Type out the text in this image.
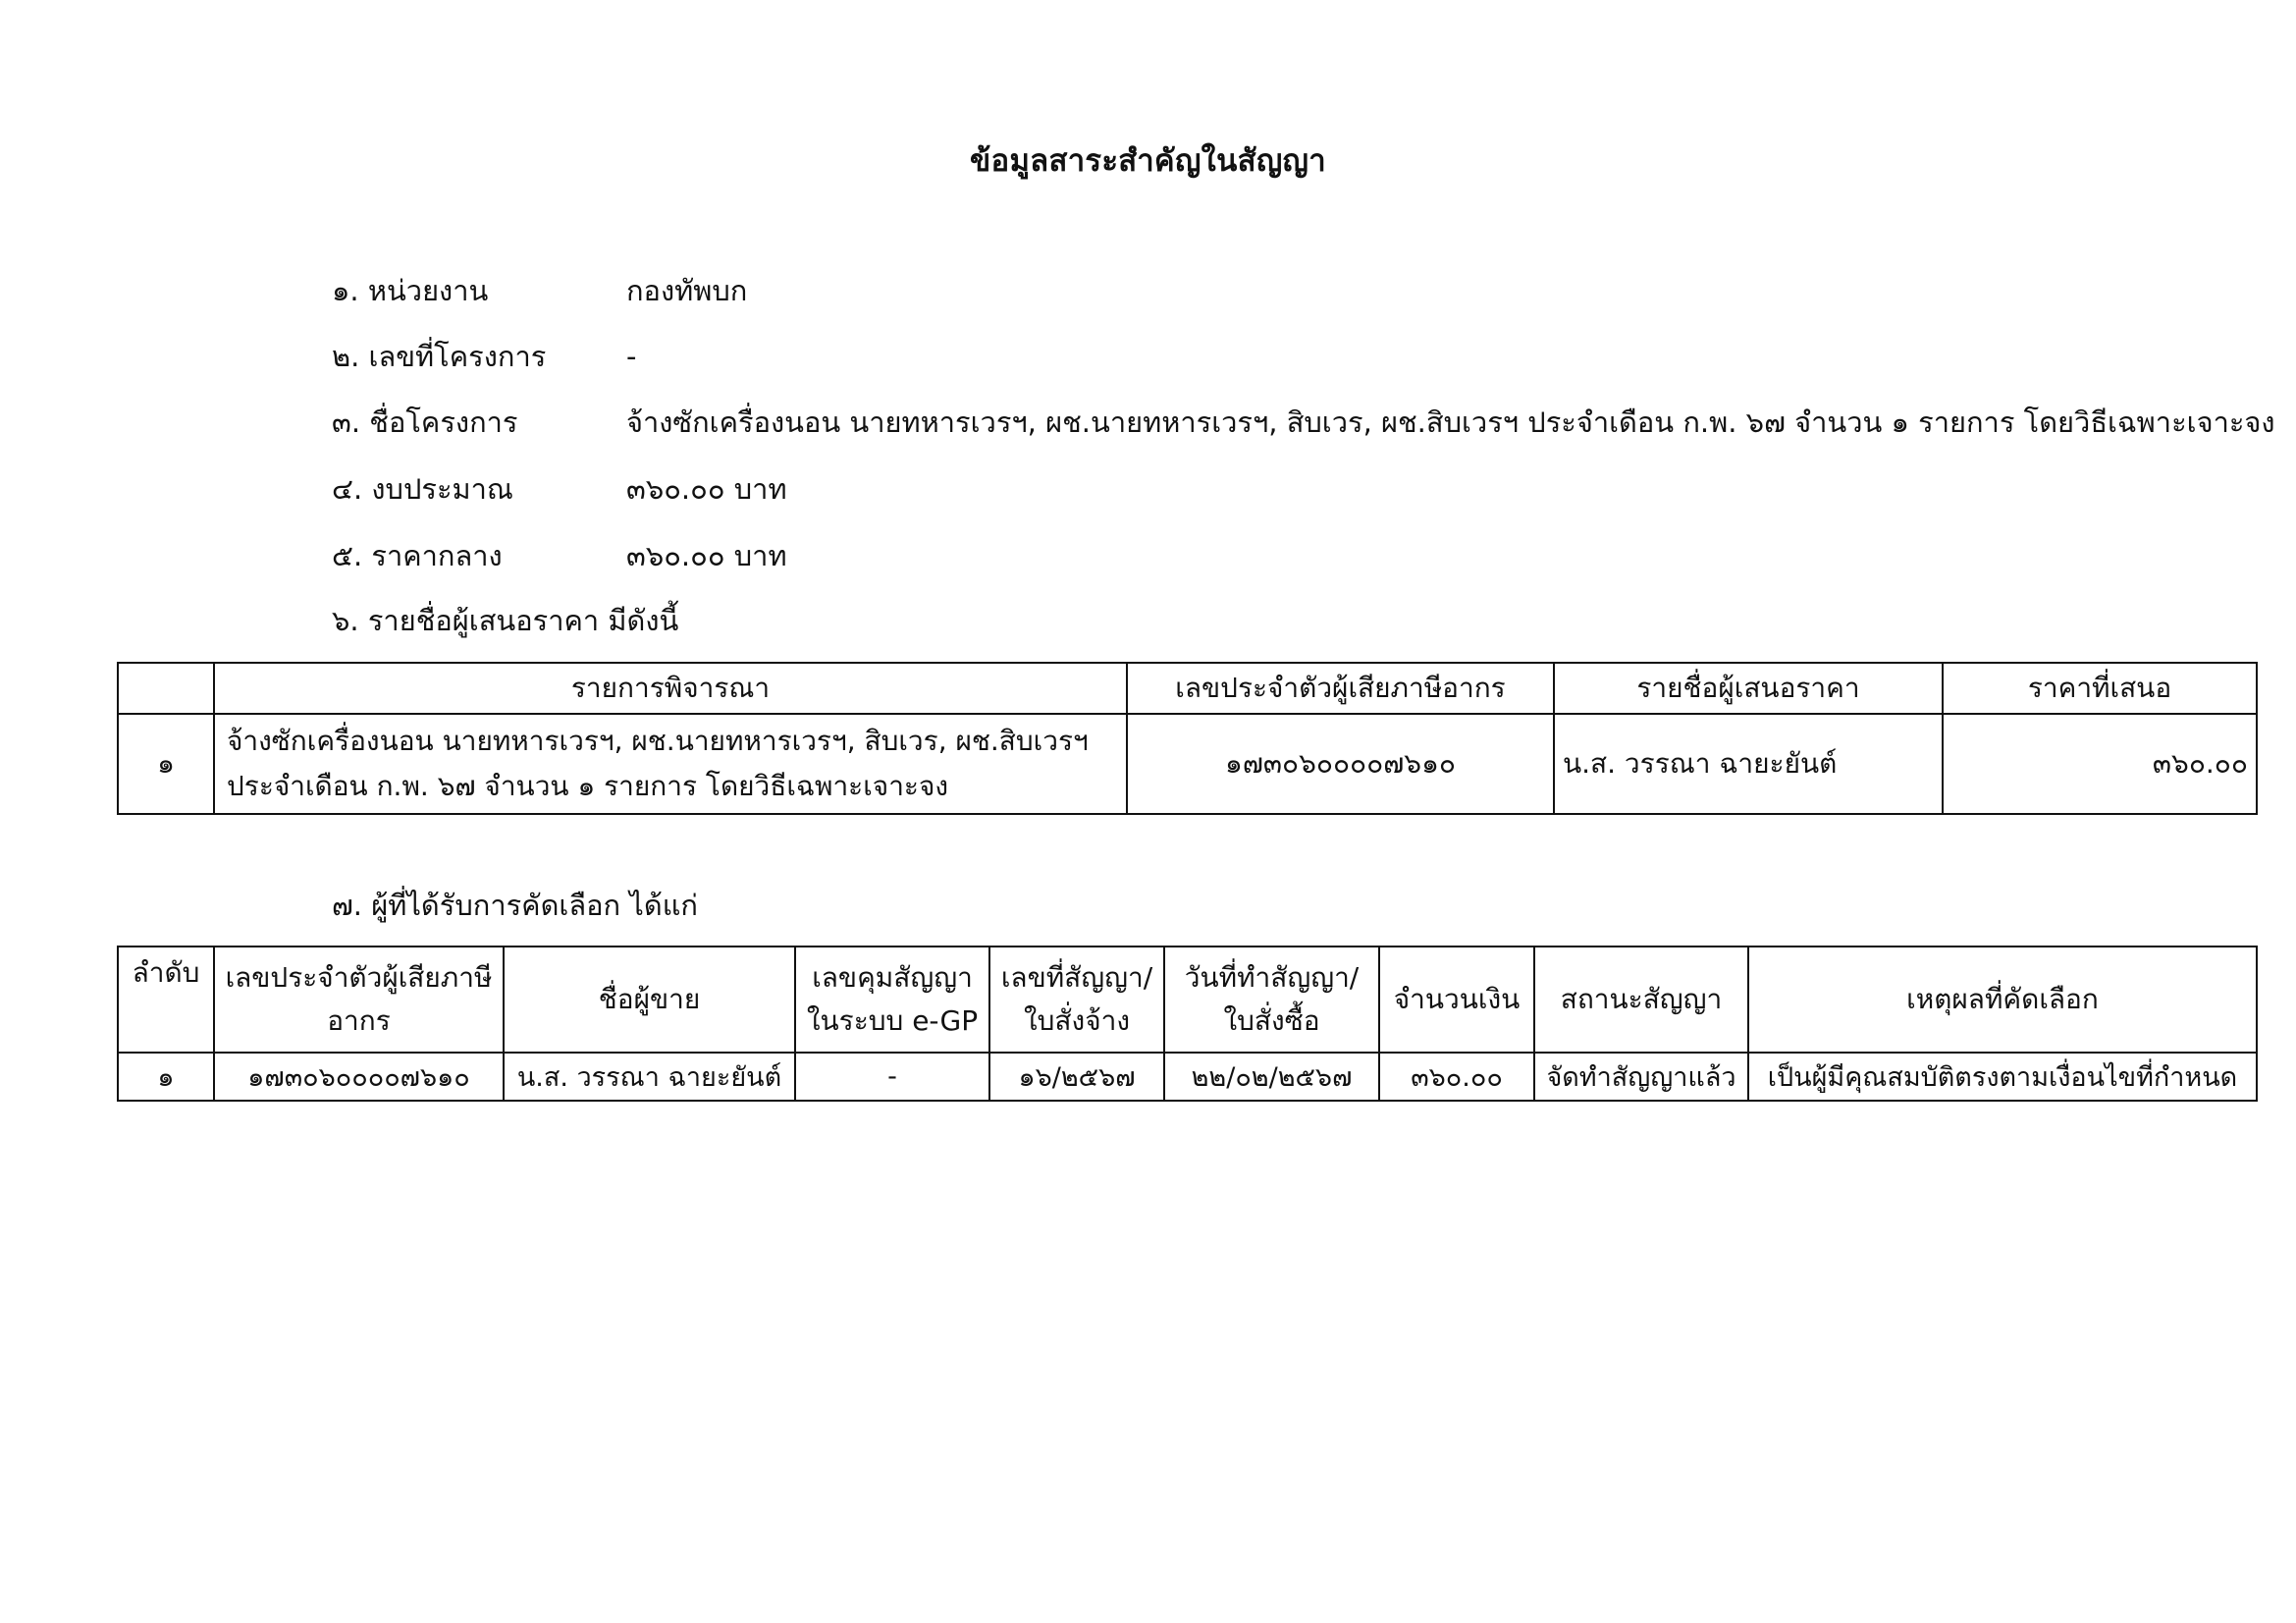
ข้อมูลสาระสำคัญในสัญญา
๑. หน่วยงาน	กองทัพบก
๒. เลขที่โครงการ	-
๓. ชื่อโครงการ	จ้างซักเครื่องนอน นายทหารเวรฯ, ผช.นายทหารเวรฯ, สิบเวร, ผช.สิบเวรฯ ประจำเดือน ก.พ. ๖๗ จำนวน ๑ รายการ โดยวิธีเฉพาะเจาะจง
๔. งบประมาณ	๓๖๐.๐๐ บาท
๕. ราคากลาง	๓๖๐.๐๐ บาท
๖. รายชื่อผู้เสนอราคา มีดังนี้
	รายการพิจารณา	เลขประจำตัวผู้เสียภาษีอากร	รายชื่อผู้เสนอราคา	ราคาที่เสนอ
๑	จ้างซักเครื่องนอน นายทหารเวรฯ, ผช.นายทหารเวรฯ, สิบเวร, ผช.สิบเวรฯ ประจำเดือน ก.พ. ๖๗ จำนวน ๑ รายการ โดยวิธีเฉพาะเจาะจง	๑๗๓๐๖๐๐๐๐๗๖๑๐	น.ส. วรรณา ฉายะยันต์	๓๖๐.๐๐
๗. ผู้ที่ได้รับการคัดเลือก ได้แก่
ลำดับ	เลขประจำตัวผู้เสียภาษีอากร	ชื่อผู้ขาย	เลขคุมสัญญาในระบบ e-GP	เลขที่สัญญา/ใบสั่งจ้าง	วันที่ทำสัญญา/ใบสั่งซื้อ	จำนวนเงิน	สถานะสัญญา	เหตุผลที่คัดเลือก
๑	๑๗๓๐๖๐๐๐๐๗๖๑๐	น.ส. วรรณา ฉายะยันต์	-	๑๖/๒๕๖๗	๒๒/๐๒/๒๕๖๗	๓๖๐.๐๐	จัดทำสัญญาแล้ว	เป็นผู้มีคุณสมบัติตรงตามเงื่อนไขที่กำหนด
